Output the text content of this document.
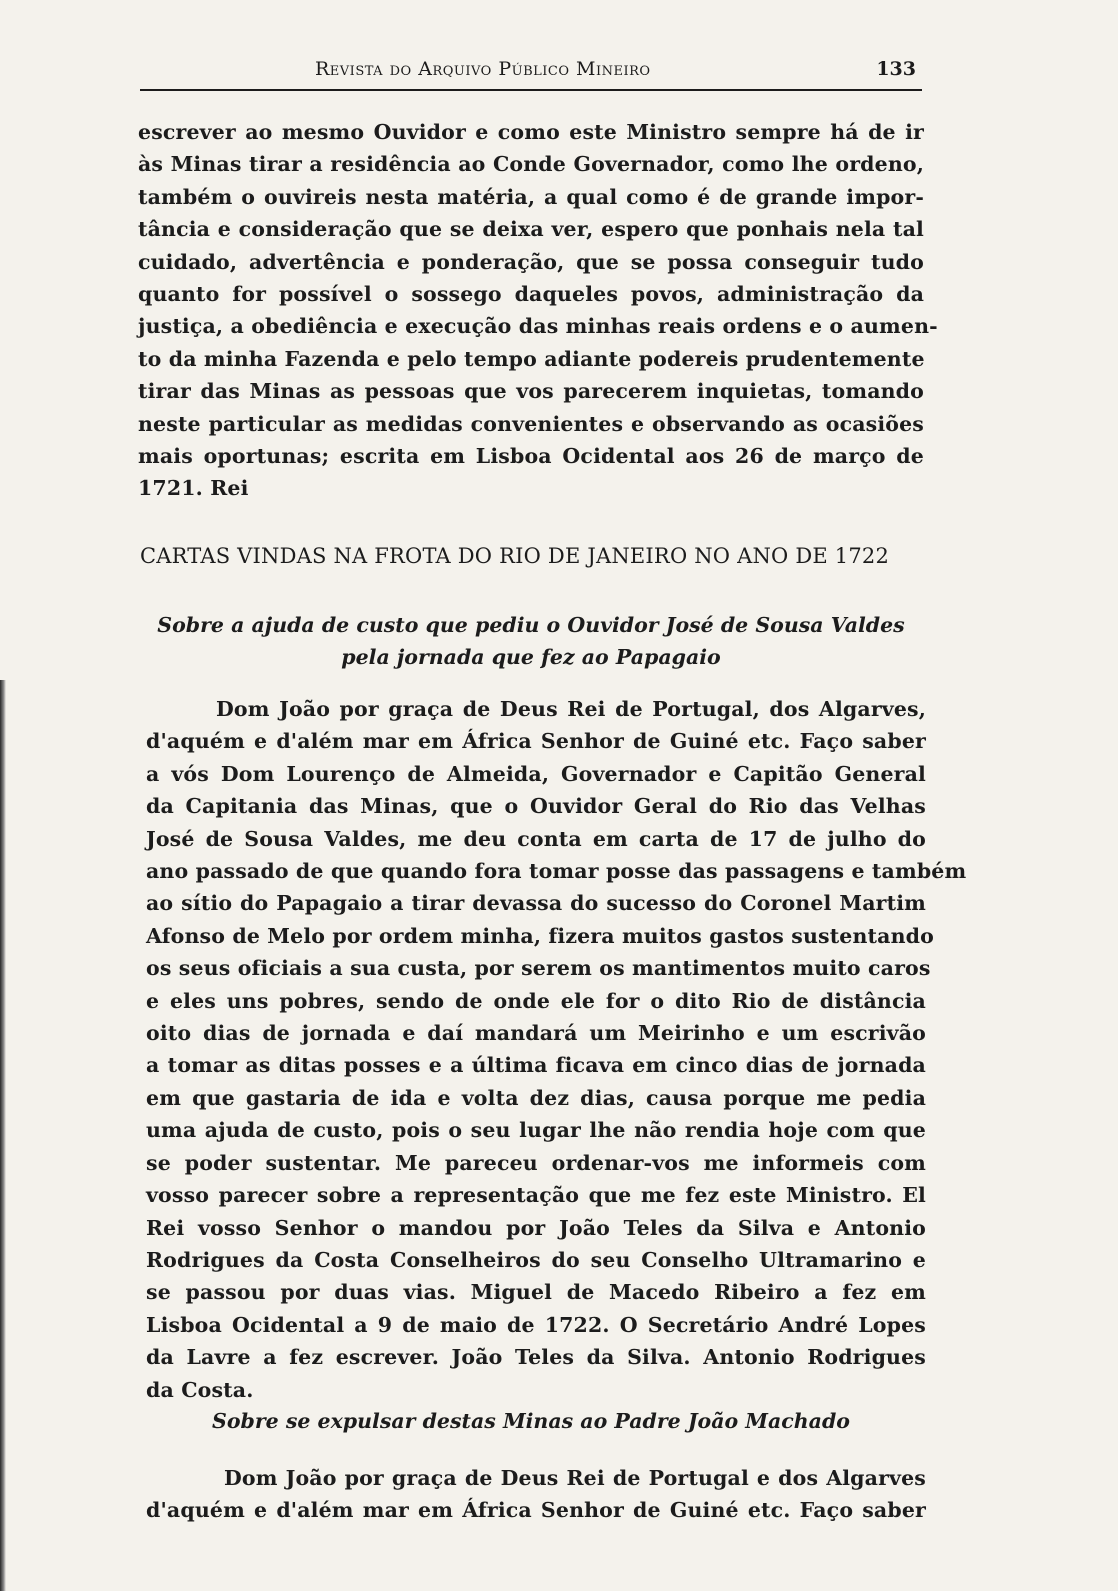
Revista do Arquivo Público Mineiro	133
escrever ao mesmo Ouvidor e como este Ministro sempre há de ir
às Minas tirar a residência ao Conde Governador, como lhe ordeno,
também o ouvireis nesta matéria, a qual como é de grande impor-
tância e consideração que se deixa ver, espero que ponhais nela tal
cuidado, advertência e ponderação, que se possa conseguir tudo
quanto for possível o sossego daqueles povos, administração da
justiça, a obediência e execução das minhas reais ordens e o aumen-
to da minha Fazenda e pelo tempo adiante podereis prudentemente
tirar das Minas as pessoas que vos parecerem inquietas, tomando
neste particular as medidas convenientes e observando as ocasiões
mais oportunas; escrita em Lisboa Ocidental aos 26 de março de
1721. Rei
CARTAS VINDAS NA FROTA DO RIO DE JANEIRO NO ANO DE 1722
Sobre a ajuda de custo que pediu o Ouvidor José de Sousa Valdes
pela jornada que fez ao Papagaio
Dom João por graça de Deus Rei de Portugal, dos Algarves,
d'aquém e d'além mar em África Senhor de Guiné etc. Faço saber
a vós Dom Lourenço de Almeida, Governador e Capitão General
da Capitania das Minas, que o Ouvidor Geral do Rio das Velhas
José de Sousa Valdes, me deu conta em carta de 17 de julho do
ano passado de que quando fora tomar posse das passagens e também
ao sítio do Papagaio a tirar devassa do sucesso do Coronel Martim
Afonso de Melo por ordem minha, fizera muitos gastos sustentando
os seus oficiais a sua custa, por serem os mantimentos muito caros
e eles uns pobres, sendo de onde ele for o dito Rio de distância
oito dias de jornada e daí mandará um Meirinho e um escrivão
a tomar as ditas posses e a última ficava em cinco dias de jornada
em que gastaria de ida e volta dez dias, causa porque me pedia
uma ajuda de custo, pois o seu lugar lhe não rendia hoje com que
se poder sustentar. Me pareceu ordenar-vos me informeis com
vosso parecer sobre a representação que me fez este Ministro. El
Rei vosso Senhor o mandou por João Teles da Silva e Antonio
Rodrigues da Costa Conselheiros do seu Conselho Ultramarino e
se passou por duas vias. Miguel de Macedo Ribeiro a fez em
Lisboa Ocidental a 9 de maio de 1722. O Secretário André Lopes
da Lavre a fez escrever. João Teles da Silva. Antonio Rodrigues
da Costa.
Sobre se expulsar destas Minas ao Padre João Machado
Dom João por graça de Deus Rei de Portugal e dos Algarves
d'aquém e d'além mar em África Senhor de Guiné etc. Faço saber
